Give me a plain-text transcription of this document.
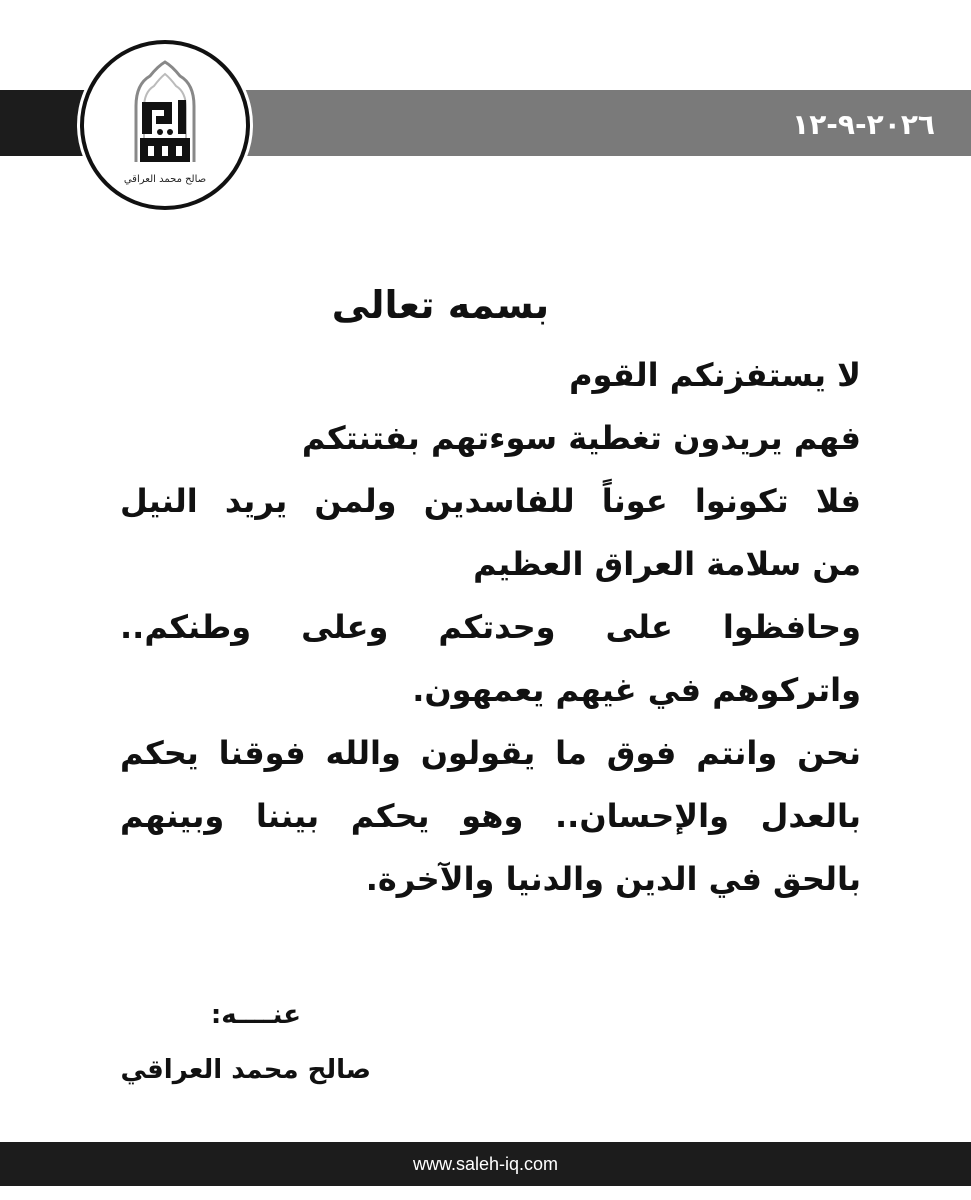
٢٠٢٦-٩-١٢
صالح محمد العراقي
بسمه تعالى
لا يستفزنكم القوم
فهم يريدون تغطية سوءتهم بفتنتكم
فلا تكونوا عوناً للفاسدين ولمن يريد النيل
من سلامة العراق العظيم
وحافظوا على وحدتكم وعلى وطنكم..
واتركوهم في غيهم يعمهون.
نحن وانتم فوق ما يقولون والله فوقنا يحكم
بالعدل والإحسان.. وهو يحكم بيننا وبينهم
بالحق في الدين والدنيا والآخرة.
عنــــه:
صالح محمد العراقي
www.saleh-iq.com
